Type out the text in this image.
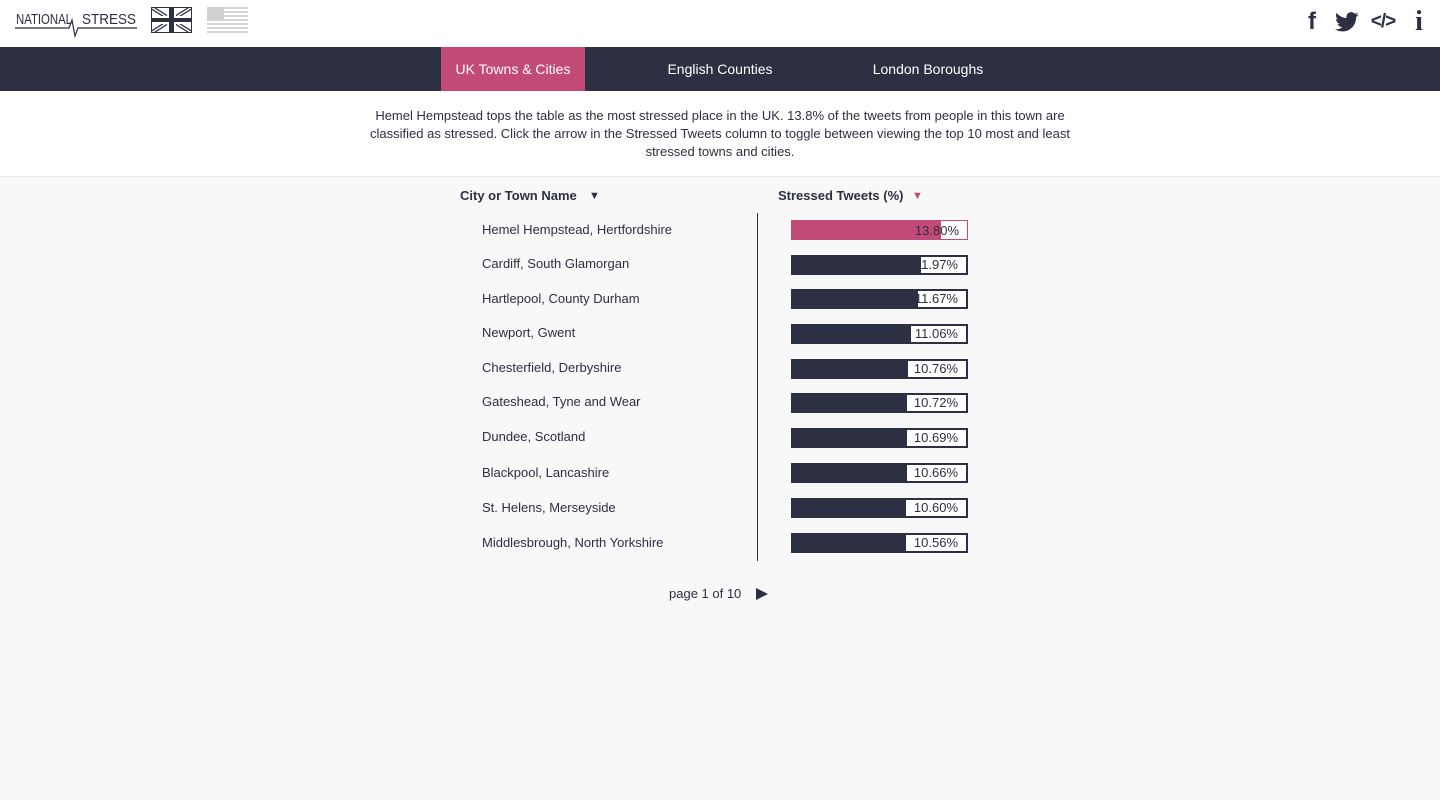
NATIONAL STRESS	f	</> i
UK Towns & Cities	English Counties	London Boroughs

Hemel Hempstead tops the table as the most stressed place in the UK. 13.8% of the tweets from people in this town are classified as stressed. Click the arrow in the Stressed Tweets column to toggle between viewing the top 10 most and least stressed towns and cities.

City or Town Name ▼	Stressed Tweets (%) ▼
Hemel Hempstead, Hertfordshire	13.80%
Cardiff, South Glamorgan	11.97%
Hartlepool, County Durham	11.67%
Newport, Gwent	11.06%
Chesterfield, Derbyshire	10.76%
Gateshead, Tyne and Wear	10.72%
Dundee, Scotland	10.69%
Blackpool, Lancashire	10.66%
St. Helens, Merseyside	10.60%
Middlesbrough, North Yorkshire	10.56%
page 1 of 10
